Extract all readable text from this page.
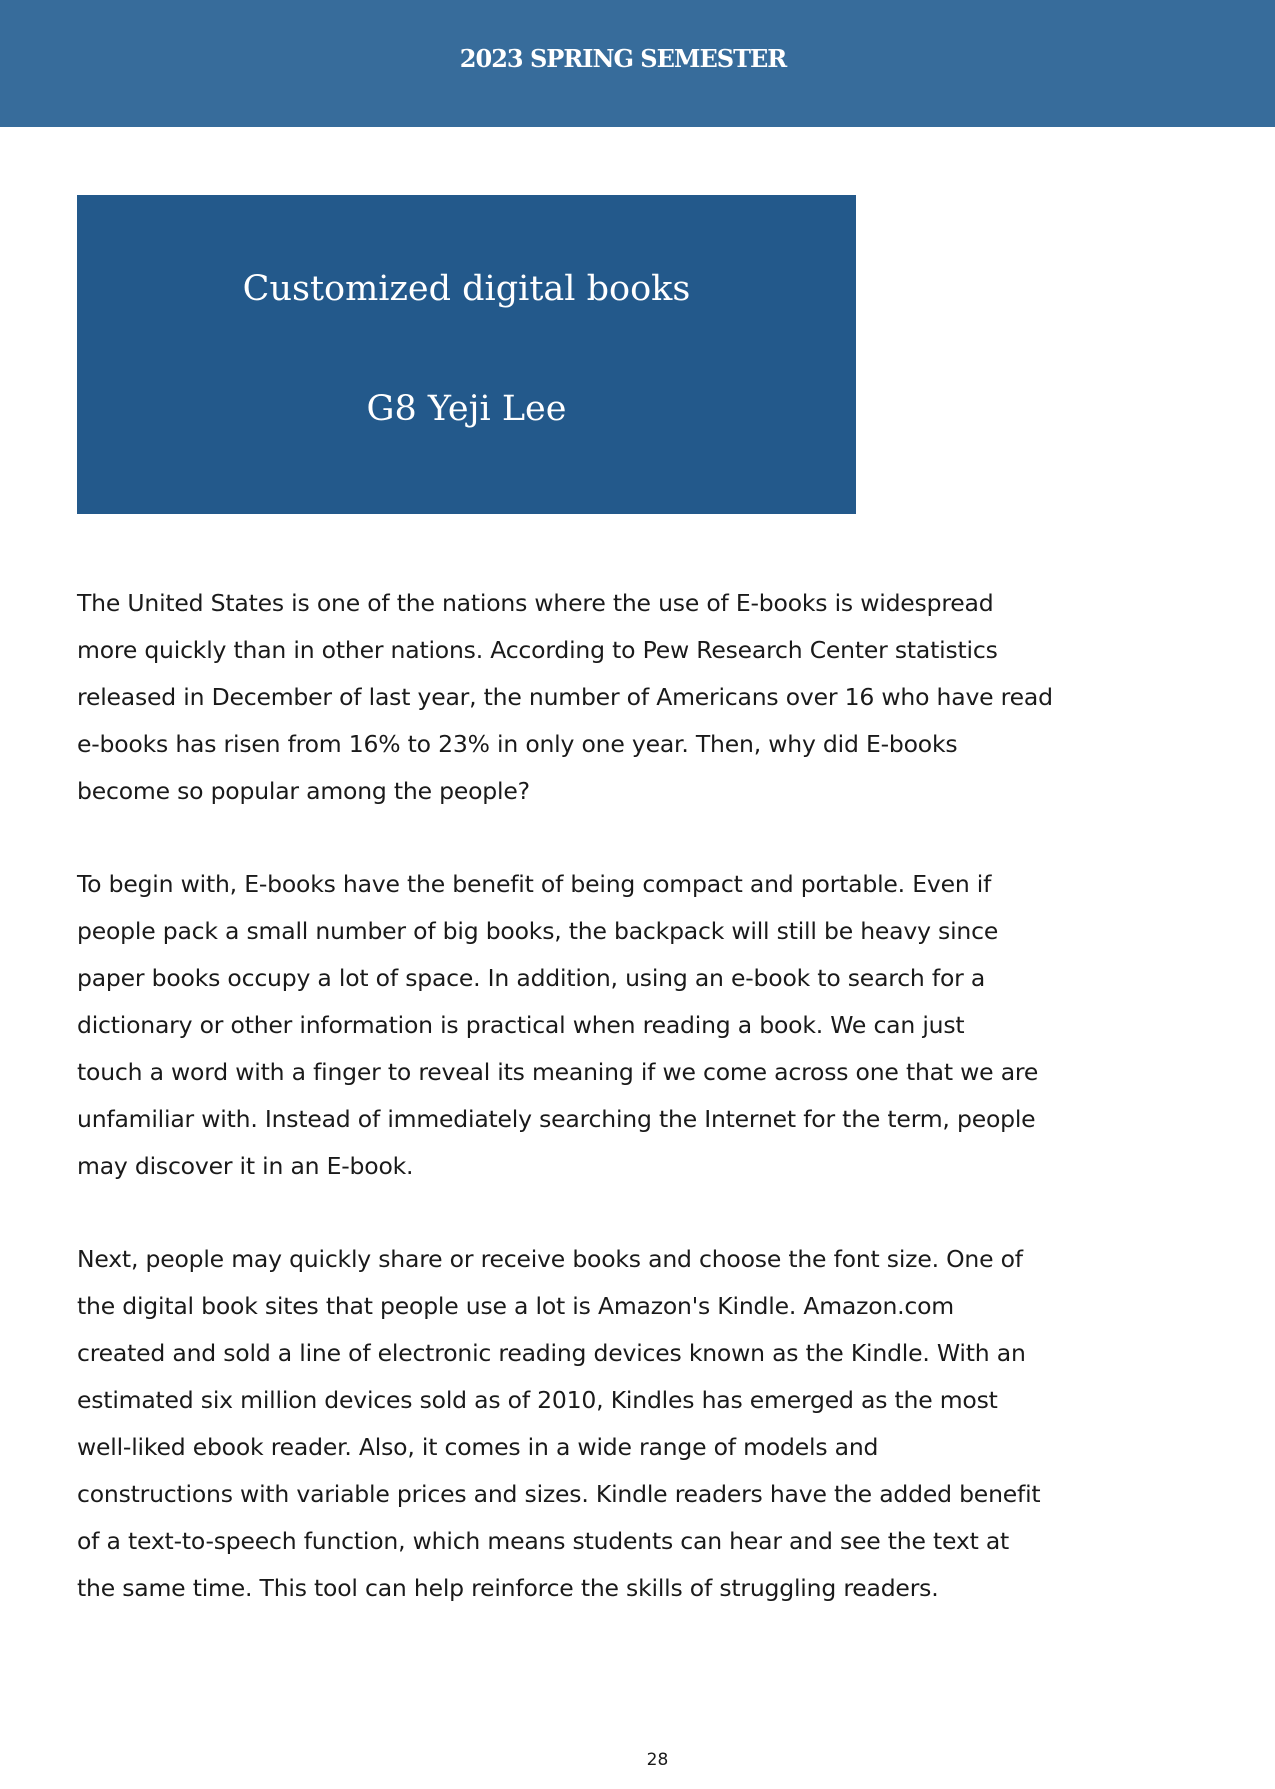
2023 SPRING SEMESTER
Customized digital books
G8 Yeji Lee

The United States is one of the nations where the use of E-books is widespread
more quickly than in other nations. According to Pew Research Center statistics
released in December of last year, the number of Americans over 16 who have read
e-books has risen from 16% to 23% in only one year. Then, why did E-books
become so popular among the people?

To begin with, E-books have the benefit of being compact and portable. Even if
people pack a small number of big books, the backpack will still be heavy since
paper books occupy a lot of space. In addition, using an e-book to search for a
dictionary or other information is practical when reading a book. We can just
touch a word with a finger to reveal its meaning if we come across one that we are
unfamiliar with. Instead of immediately searching the Internet for the term, people
may discover it in an E-book.

Next, people may quickly share or receive books and choose the font size. One of
the digital book sites that people use a lot is Amazon's Kindle. Amazon.com
created and sold a line of electronic reading devices known as the Kindle. With an
estimated six million devices sold as of 2010, Kindles has emerged as the most
well-liked ebook reader. Also, it comes in a wide range of models and
constructions with variable prices and sizes. Kindle readers have the added benefit
of a text-to-speech function, which means students can hear and see the text at
the same time. This tool can help reinforce the skills of struggling readers.

28
